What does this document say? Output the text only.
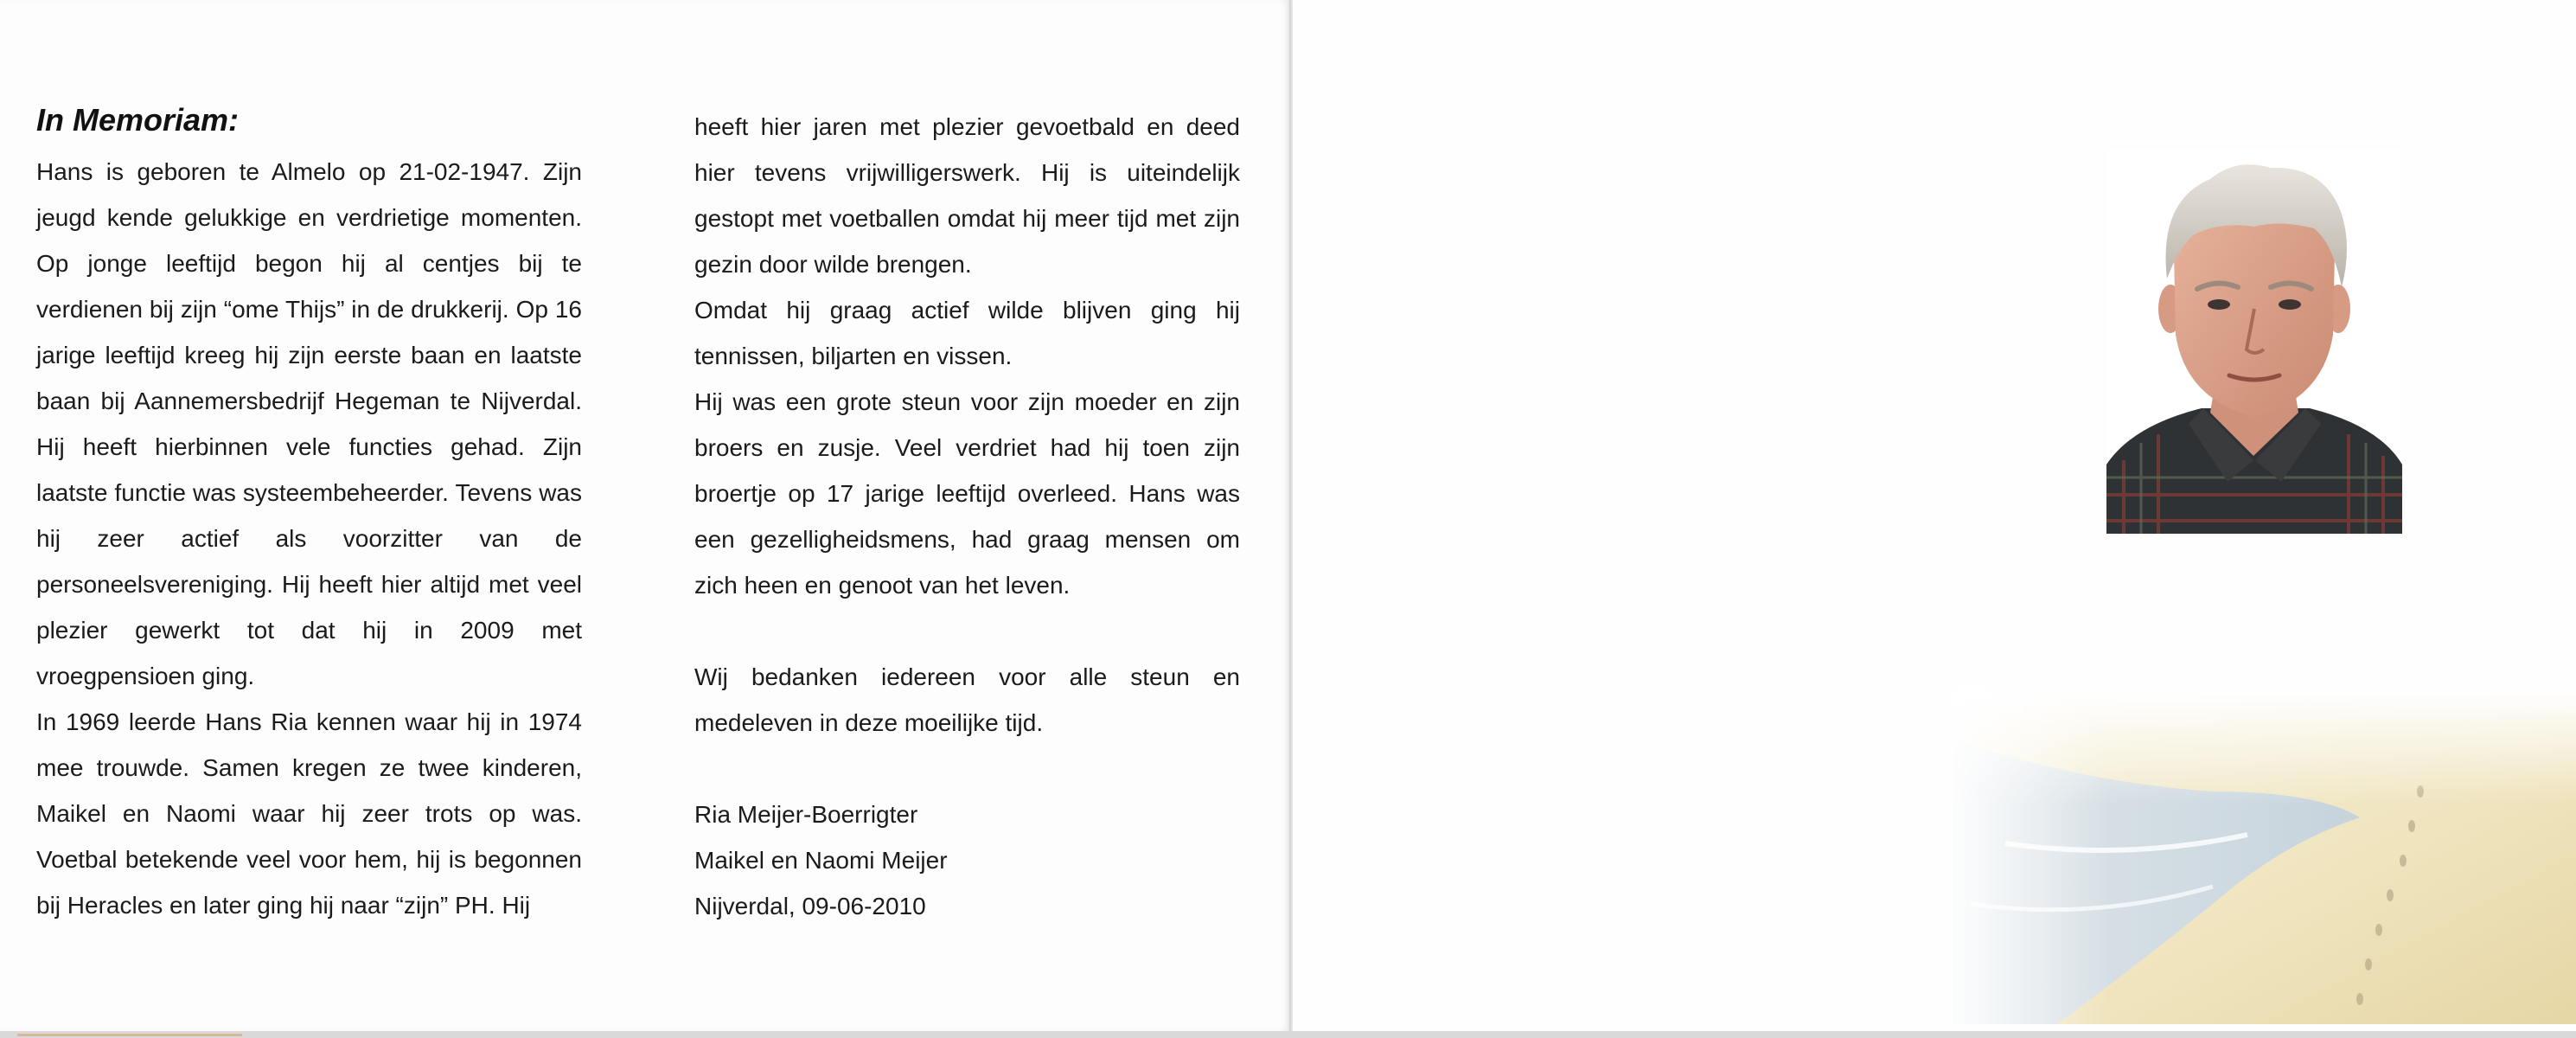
In Memoriam:

Hans is geboren te Almelo op 21-02-1947. Zijn jeugd kende gelukkige en verdrietige momenten. Op jonge leeftijd begon hij al centjes bij te verdienen bij zijn “ome Thijs” in de drukkerij. Op 16 jarige leeftijd kreeg hij zijn eerste baan en laatste baan bij Aannemersbedrijf Hegeman te Nijverdal. Hij heeft hierbinnen vele functies gehad. Zijn laatste functie was systeembeheerder. Tevens was hij zeer actief als voorzitter van de personeelsvereniging. Hij heeft hier altijd met veel plezier gewerkt tot dat hij in 2009 met vroegpensioen ging.

In 1969 leerde Hans Ria kennen waar hij in 1974 mee trouwde. Samen kregen ze twee kinderen, Maikel en Naomi waar hij zeer trots op was. Voetbal betekende veel voor hem, hij is begonnen bij Heracles en later ging hij naar “zijn” PH. Hij

heeft hier jaren met plezier gevoetbald en deed hier tevens vrijwilligerswerk. Hij is uiteindelijk gestopt met voetballen omdat hij meer tijd met zijn gezin door wilde brengen.

Omdat hij graag actief wilde blijven ging hij tennissen, biljarten en vissen.

Hij was een grote steun voor zijn moeder en zijn broers en zusje. Veel verdriet had hij toen zijn broertje op 17 jarige leeftijd overleed. Hans was een gezelligheidsmens, had graag mensen om zich heen en genoot van het leven.

Wij bedanken iedereen voor alle steun en medeleven in deze moeilijke tijd.

Ria Meijer-Boerrigter

Maikel en Naomi Meijer

Nijverdal, 09-06-2010
